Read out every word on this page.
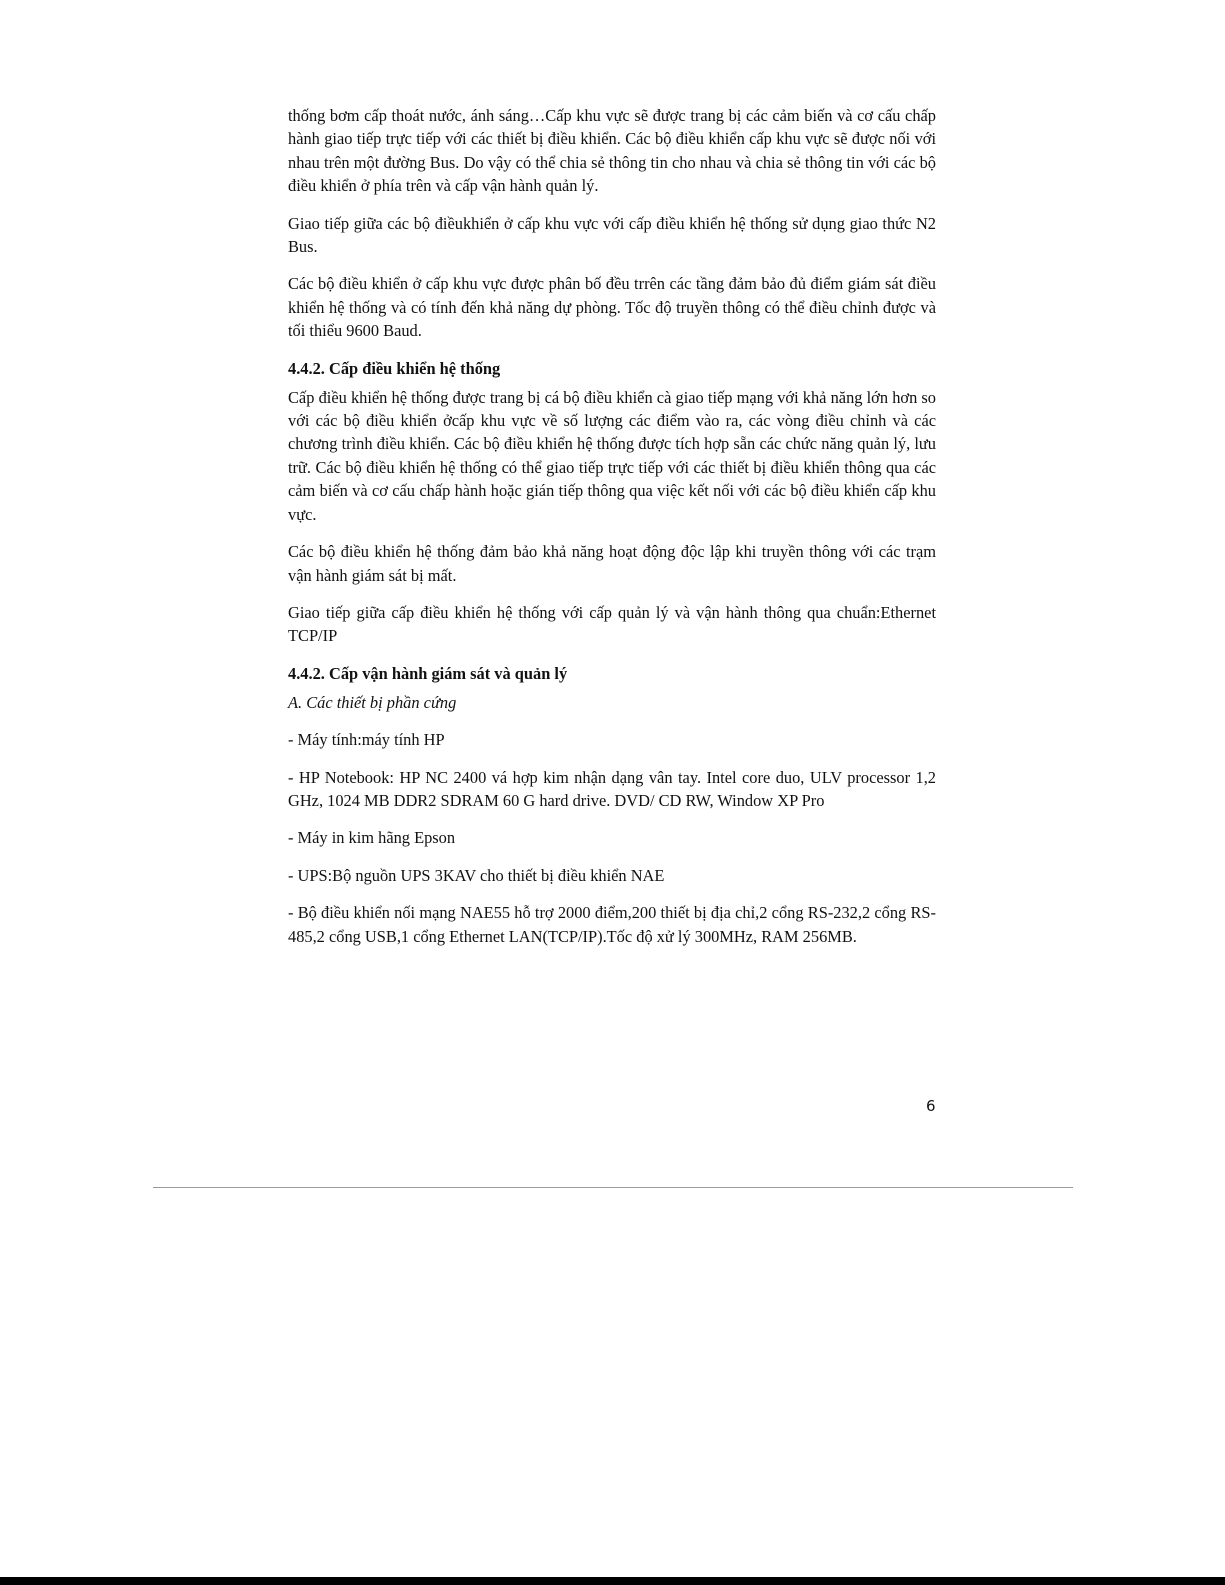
thống bơm cấp thoát nước, ánh sáng…Cấp khu vực sẽ được trang bị các cảm biến và cơ cấu chấp hành giao tiếp trực tiếp với các thiết bị điều khiển. Các bộ điều khiển cấp khu vực sẽ được nối với nhau trên một đường Bus. Do vậy có thể chia sẻ thông tin cho nhau và chia sẻ thông tin với các bộ điều khiển ở phía trên và cấp vận hành quản lý.

Giao tiếp giữa các bộ điềukhiển ở cấp khu vực với cấp điều khiển hệ thống sử dụng giao thức N2 Bus.

Các bộ điều khiển ở cấp khu vực được phân bố đều trrên các tầng đảm bảo đủ điểm giám sát điều khiển hệ thống và có tính đến khả năng dự phòng. Tốc độ truyền thông có thể điều chỉnh được và tối thiểu 9600 Baud.

4.4.2. Cấp điều khiển hệ thống

Cấp điều khiển hệ thống được trang bị cá bộ điều khiển cà giao tiếp mạng với khả năng lớn hơn so với các bộ điều khiển ởcấp khu vực về số lượng các điểm vào ra, các vòng điều chỉnh và các chương trình điều khiển. Các bộ điều khiển hệ thống được tích hợp sẵn các chức năng quản lý, lưu trữ. Các bộ điều khiển hệ thống có thể giao tiếp trực tiếp với các thiết bị điều khiển thông qua các cảm biến và cơ cấu chấp hành hoặc gián tiếp thông qua việc kết nối với các bộ điều khiển cấp khu vực.

Các bộ điều khiển hệ thống đảm bảo khả năng hoạt động độc lập khi truyền thông với các trạm vận hành giám sát bị mất.

Giao tiếp giữa cấp điều khiển hệ thống với cấp quản lý và vận hành thông qua chuẩn:Ethernet TCP/IP

4.4.2. Cấp vận hành giám sát và quản lý

A. Các thiết bị phần cứng

- Máy tính:máy tính HP

- HP Notebook: HP NC 2400 vá hợp kim nhận dạng vân tay. Intel core duo, ULV processor 1,2 GHz, 1024 MB DDR2 SDRAM 60 G hard drive. DVD/ CD RW, Window XP Pro

- Máy in kim hãng Epson

- UPS:Bộ nguồn UPS 3KAV cho thiết bị điều khiển NAE

- Bộ điều khiển nối mạng NAE55 hỗ trợ 2000 điểm,200 thiết bị địa chỉ,2 cổng RS-232,2 cổng RS-485,2 cổng USB,1 cổng Ethernet LAN(TCP/IP).Tốc độ xử lý 300MHz, RAM 256MB.

6
